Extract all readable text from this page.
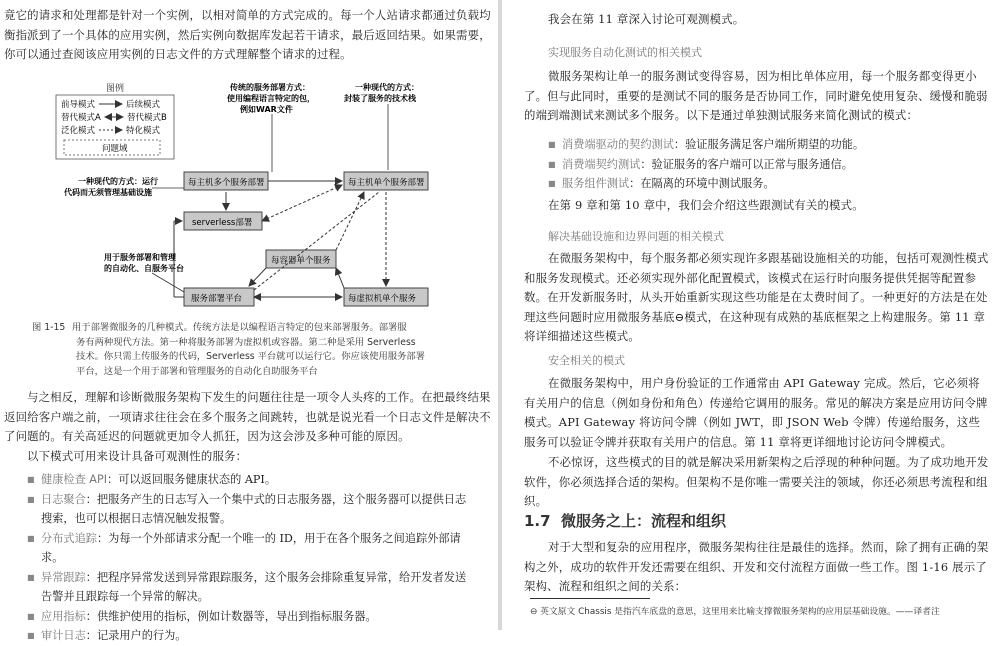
竟它的请求和处理都是针对一个实例，以相对简单的方式完成的。每一个人站请求都通过负载均衡指派到了一个具体的应用实例，然后实例向数据库发起若干请求，最后返回结果。如果需要，你可以通过查阅该应用实例的日志文件的方式理解整个请求的过程。
图例
前导模式	后续模式
替代模式A	替代模式B
泛化模式	特化模式
问题域
传统的服务部署方式：
使用编程语言特定的包，
例如WAR文件
一种现代的方式：
封装了服务的技术栈
一种现代的方式：运行
代码而无须管理基础设施
用于服务部署和管理
的自动化、自服务平台
每主机多个服务部署	每主机单个服务部署
serverless部署
每容器单个服务
服务部署平台	每虚拟机单个服务
图 1-15 用于部署微服务的几种模式。传统方法是以编程语言特定的包来部署服务。部署服
务有两种现代方法。第一种将服务部署为虚拟机或容器。第二种是采用 Serverless
技术。你只需上传服务的代码，Serverless 平台就可以运行它。你应该使用服务部署
平台，这是一个用于部署和管理服务的自动化自助服务平台
与之相反，理解和诊断微服务架构下发生的问题往往是一项令人头疼的工作。在把最终结果返回给客户端之前，一项请求往往会在多个服务之间跳转，也就是说光看一个日志文件是解决不了问题的。有关高延迟的问题就更加令人抓狂，因为这会涉及多种可能的原因。
以下模式可用来设计具备可观测性的服务：
■ 健康检查 API：可以返回服务健康状态的 API。
■ 日志聚合：把服务产生的日志写入一个集中式的日志服务器，这个服务器可以提供日志搜索，也可以根据日志情况触发报警。
■ 分布式追踪：为每一个外部请求分配一个唯一的 ID，用于在各个服务之间追踪外部请求。
■ 异常跟踪：把程序异常发送到异常跟踪服务，这个服务会排除重复异常，给开发者发送告警并且跟踪每一个异常的解决。
■ 应用指标：供维护使用的指标，例如计数器等，导出到指标服务器。
■ 审计日志：记录用户的行为。
我会在第 11 章深入讨论可观测模式。
实现服务自动化测试的相关模式
微服务架构让单一的服务测试变得容易，因为相比单体应用，每一个服务都变得更小了。但与此同时，重要的是测试不同的服务是否协同工作，同时避免使用复杂、缓慢和脆弱的端到端测试来测试多个服务。以下是通过单独测试服务来简化测试的模式：
■ 消费端驱动的契约测试：验证服务满足客户端所期望的功能。
■ 消费端契约测试：验证服务的客户端可以正常与服务通信。
■ 服务组件测试：在隔离的环境中测试服务。
在第 9 章和第 10 章中，我们会介绍这些跟测试有关的模式。
解决基础设施和边界问题的相关模式
在微服务架构中，每个服务都必须实现许多跟基础设施相关的功能，包括可观测性模式和服务发现模式。还必须实现外部化配置模式，该模式在运行时向服务提供凭据等配置参数。在开发新服务时，从头开始重新实现这些功能是在太费时间了。一种更好的方法是在处理这些问题时应用微服务基底⊖模式，在这种现有成熟的基底框架之上构建服务。第 11 章将详细描述这些模式。
安全相关的模式
在微服务架构中，用户身份验证的工作通常由 API Gateway 完成。然后，它必须将有关用户的信息（例如身份和角色）传递给它调用的服务。常见的解决方案是应用访问令牌模式。API Gateway 将访问令牌（例如 JWT，即 JSON Web 令牌）传递给服务，这些服务可以验证令牌并获取有关用户的信息。第 11 章将更详细地讨论访问令牌模式。
不必惊讶，这些模式的目的就是解决采用新架构之后浮现的种种问题。为了成功地开发软件，你必须选择合适的架构。但架构不是你唯一需要关注的领域，你还必须思考流程和组织。
1.7 微服务之上：流程和组织
对于大型和复杂的应用程序，微服务架构往往是最佳的选择。然而，除了拥有正确的架构之外，成功的软件开发还需要在组织、开发和交付流程方面做一些工作。图 1-16 展示了架构、流程和组织之间的关系：
⊖ 英文原文 Chassis 是指汽车底盘的意思，这里用来比喻支撑微服务架构的应用层基础设施。——译者注
